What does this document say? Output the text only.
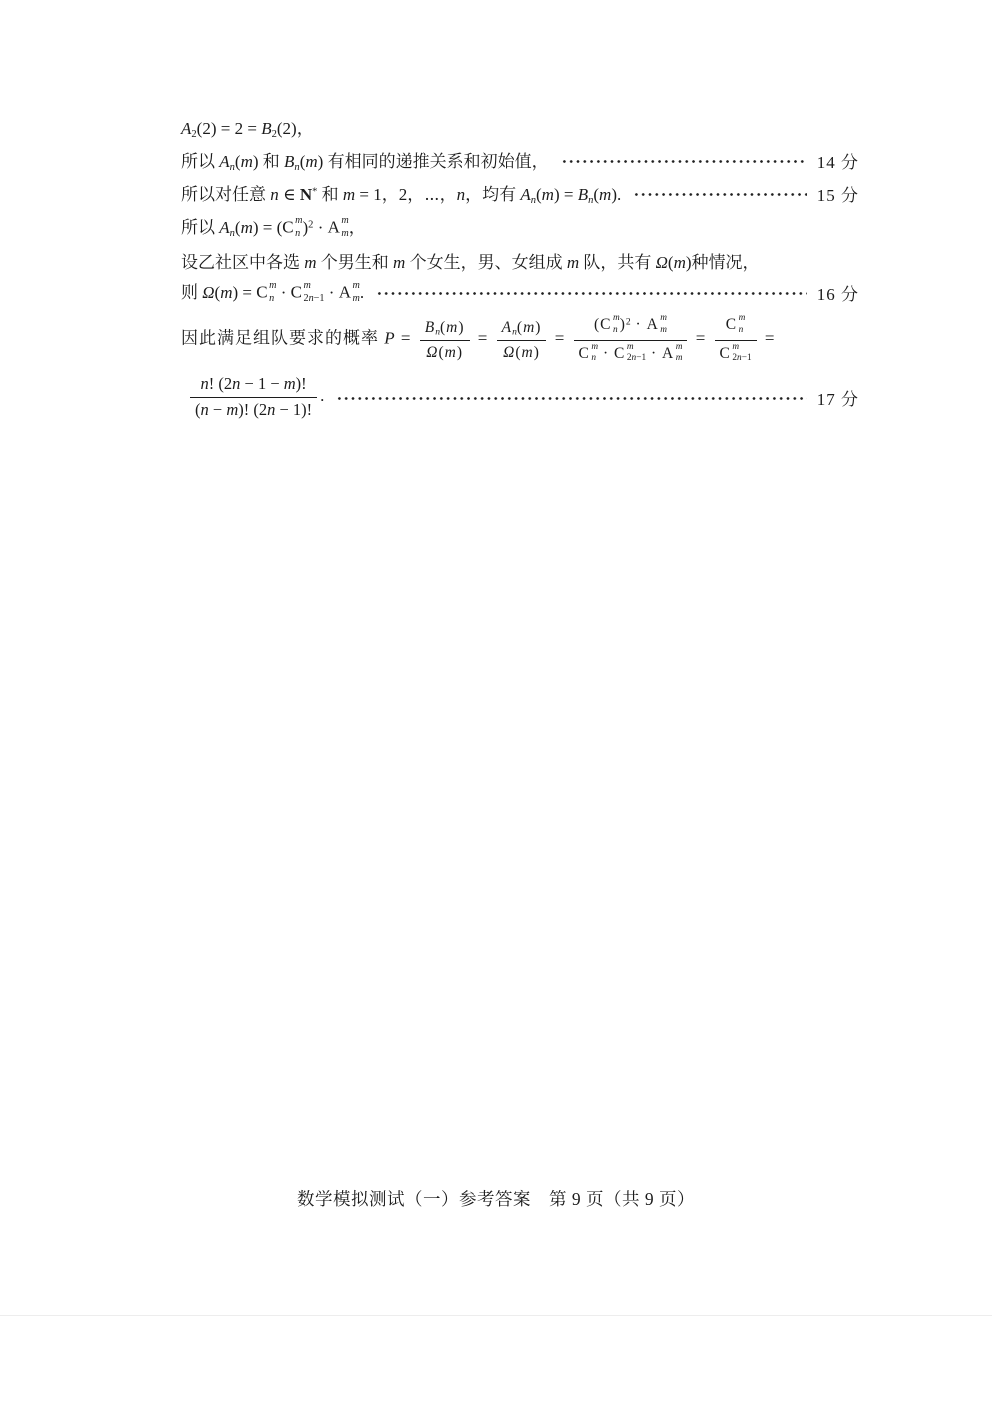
$A_2(2) = 2 = B_2(2)$，
所以 $A_n(m)$ 和 $B_n(m)$ 有相同的递推关系和初始值，	14 分
所以对任意 n ∈ N* 和 m = 1，2，⋯，n，均有 $A_n(m) = B_n(m)$.	15 分
所以 $A_n(m) = (C$ m
n )$^2$ · A m
m ，
设乙社区中各选 m 个男生和 m 个女生，男、女组成 m 队，共有 Ω(m)种情况，
则 Ω(m) = C m
n · C m
2n−1 · A m
m .	16 分
因此满足组队要求的概率 $P = \frac{B_n(m)}{\Omega(m)} = \frac{A_n(m)}{\Omega(m)} = (C$ m
n )$^2$ · A m
m
C m
n · C m
2n−1 · A m
m = C m
n
C m
2n−1 =
$\frac{n! (2n - 1 - m)!}{(n - m)! (2n - 1)!}$ .	17 分
数学模拟测试（一）参考答案　第 9 页（共 9 页）
